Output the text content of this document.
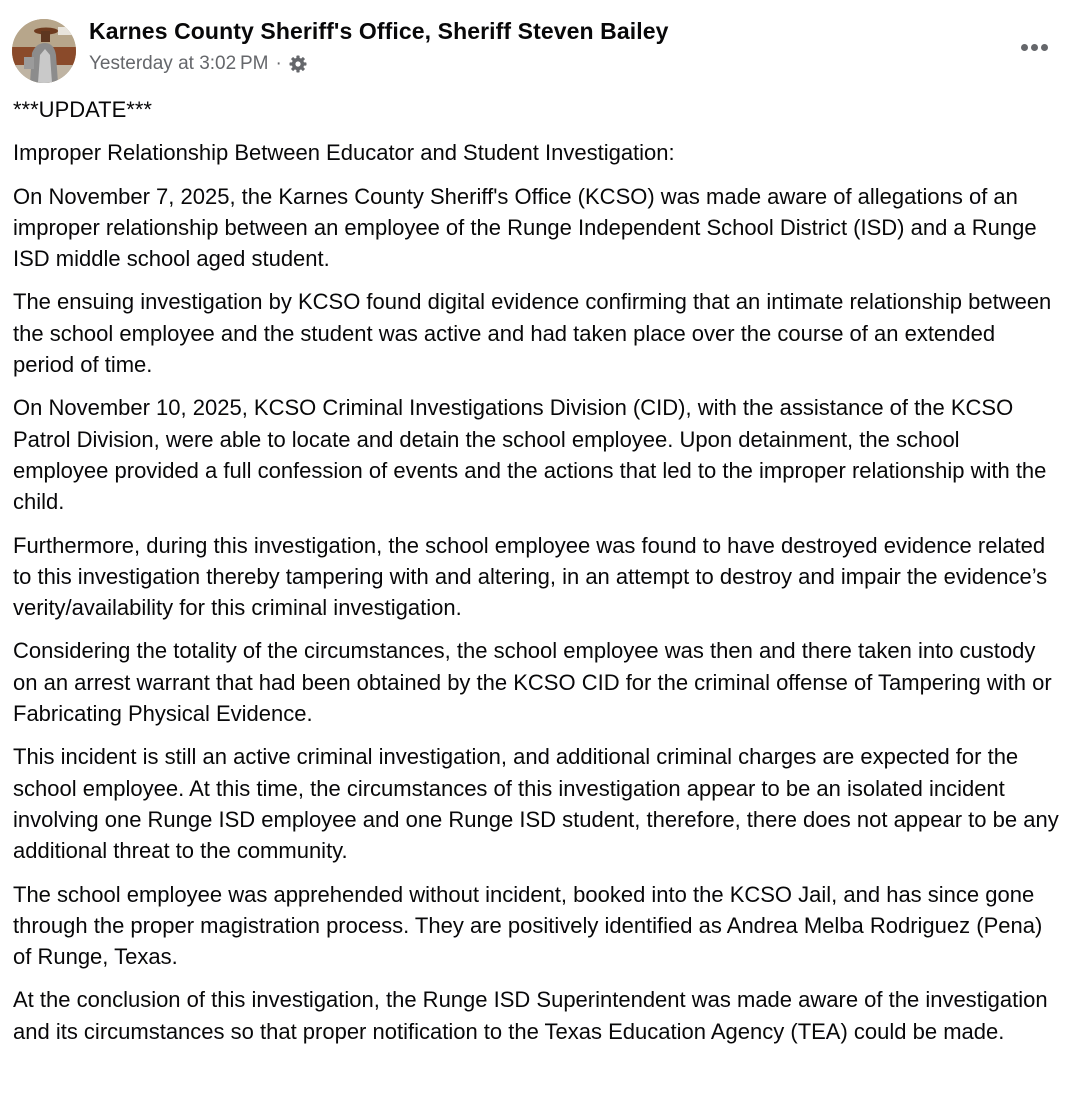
Karnes County Sheriff's Office, Sheriff Steven Bailey
Yesterday at 3:02 PM ·

***UPDATE***

Improper Relationship Between Educator and Student Investigation:

On November 7, 2025, the Karnes County Sheriff's Office (KCSO) was made aware of allegations of an improper relationship between an employee of the Runge Independent School District (ISD) and a Runge ISD middle school aged student.

The ensuing investigation by KCSO found digital evidence confirming that an intimate relationship between the school employee and the student was active and had taken place over the course of an extended period of time.

On November 10, 2025, KCSO Criminal Investigations Division (CID), with the assistance of the KCSO Patrol Division, were able to locate and detain the school employee. Upon detainment, the school employee provided a full confession of events and the actions that led to the improper relationship with the child.

Furthermore, during this investigation, the school employee was found to have destroyed evidence related to this investigation thereby tampering with and altering, in an attempt to destroy and impair the evidence’s verity/availability for this criminal investigation.

Considering the totality of the circumstances, the school employee was then and there taken into custody on an arrest warrant that had been obtained by the KCSO CID for the criminal offense of Tampering with or Fabricating Physical Evidence.

This incident is still an active criminal investigation, and additional criminal charges are expected for the school employee. At this time, the circumstances of this investigation appear to be an isolated incident involving one Runge ISD employee and one Runge ISD student, therefore, there does not appear to be any additional threat to the community.

The school employee was apprehended without incident, booked into the KCSO Jail, and has since gone through the proper magistration process. They are positively identified as Andrea Melba Rodriguez (Pena) of Runge, Texas.

At the conclusion of this investigation, the Runge ISD Superintendent was made aware of the investigation and its circumstances so that proper notification to the Texas Education Agency (TEA) could be made.
